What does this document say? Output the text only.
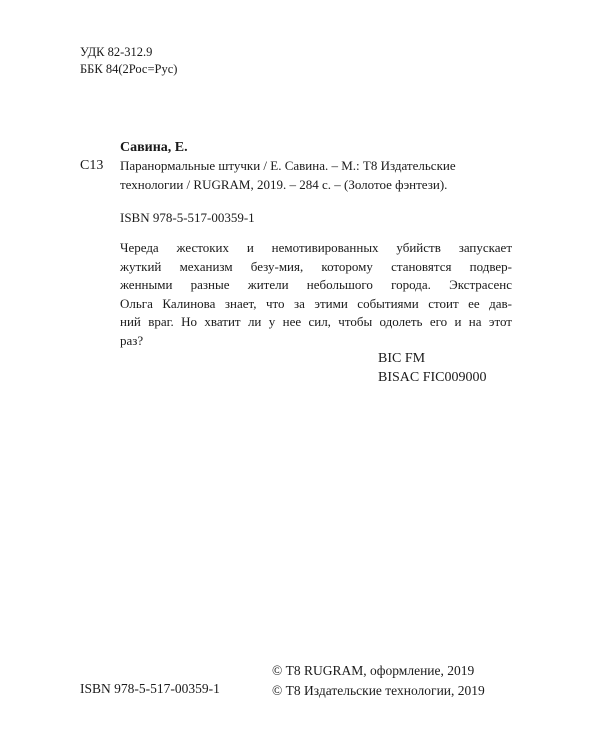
УДК 82-312.9
ББК 84(2Рос=Рус)
Савина, Е.
С13 Паранормальные штучки / Е. Савина. – М.: Т8 Издательские
технологии / RUGRAM, 2019. – 284 с. – (Золотое фэнтези).
ISBN 978-5-517-00359-1
Череда жестоких и немотивированных убийств запускает
жуткий механизм безу-мия, которому становятся подвер-
женными разные жители небольшого города. Экстрасенс
Ольга Калинова знает, что за этими событиями стоит ее дав-
ний враг. Но хватит ли у нее сил, чтобы одолеть его и на этот
раз?
BIC FM
BISAC FIC009000
ISBN 978-5-517-00359-1
© Т8 RUGRAM, оформление, 2019
© Т8 Издательские технологии, 2019
